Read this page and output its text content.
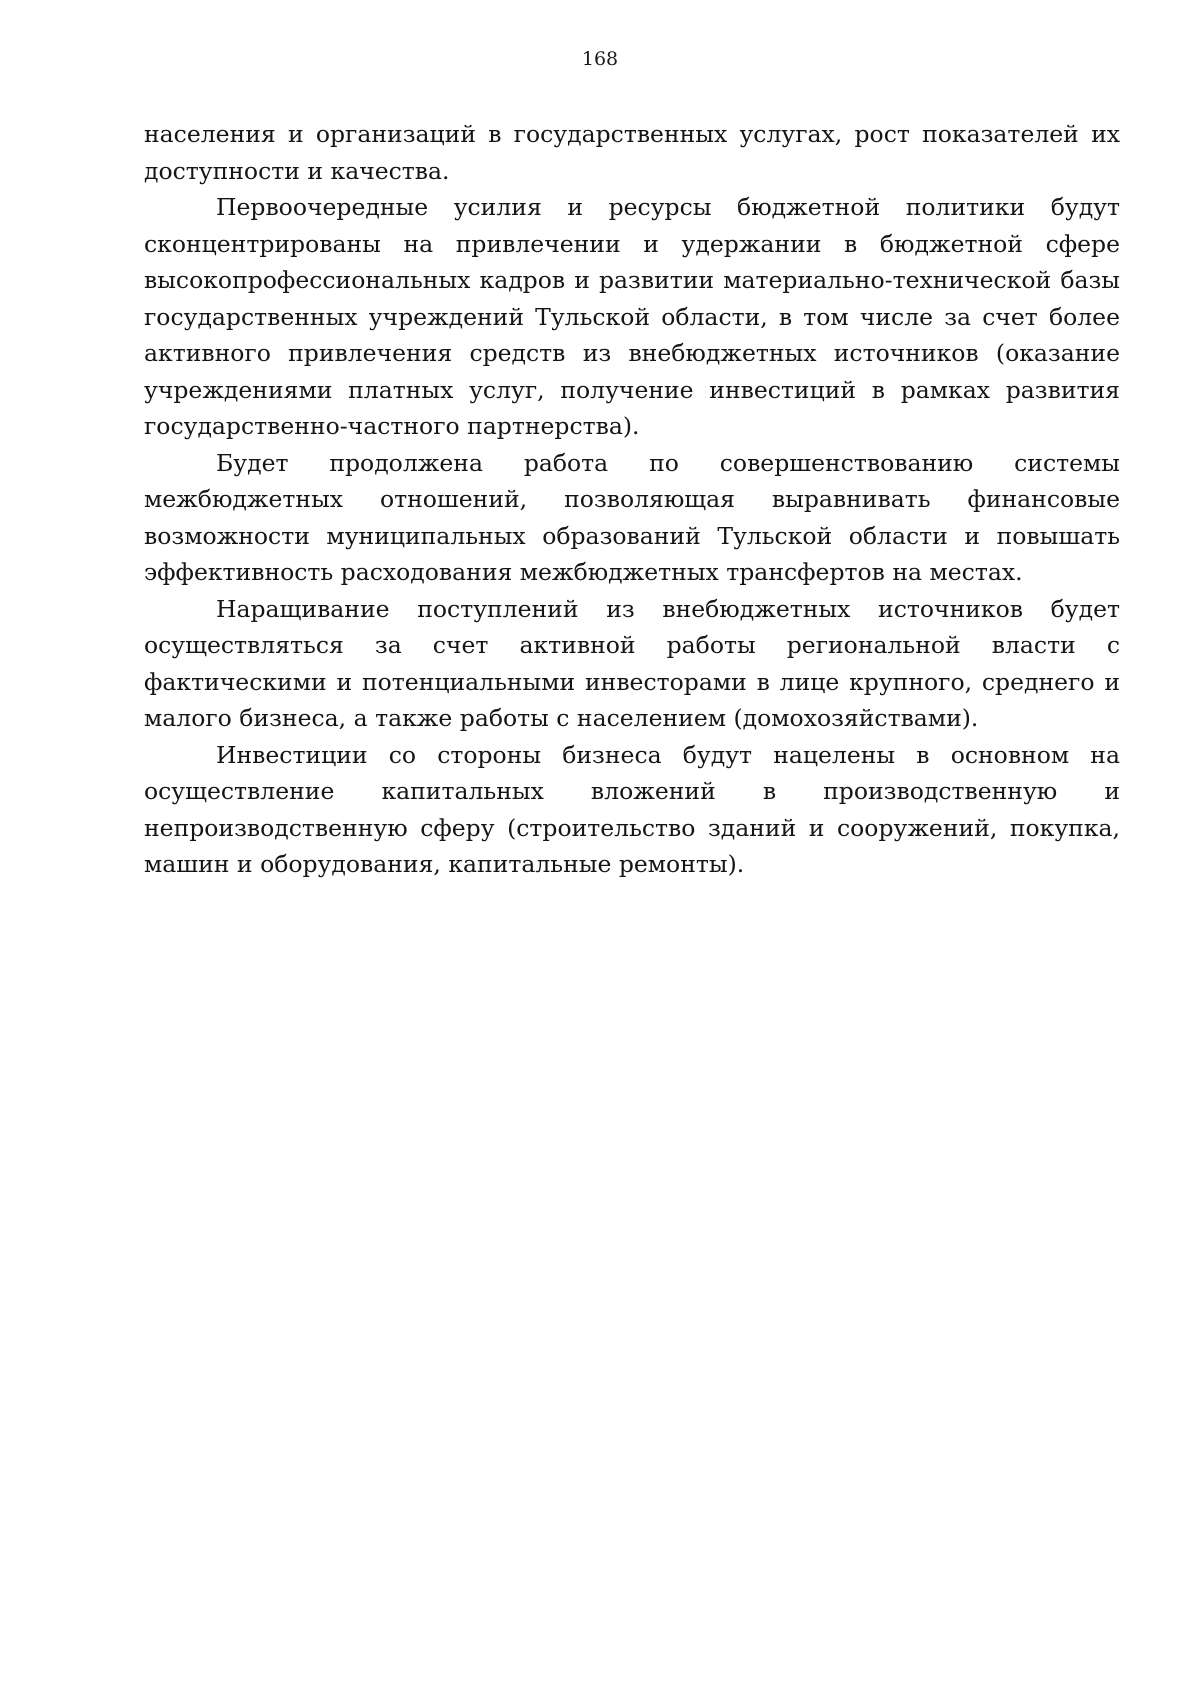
168

населения и организаций в государственных услугах, рост показателей их доступности и качества.

Первоочередные усилия и ресурсы бюджетной политики будут сконцентрированы на привлечении и удержании в бюджетной сфере высокопрофессиональных кадров и развитии материально-технической базы государственных учреждений Тульской области, в том числе за счет более активного привлечения средств из внебюджетных источников (оказание учреждениями платных услуг, получение инвестиций в рамках развития государственно-частного партнерства).

Будет продолжена работа по совершенствованию системы межбюджетных отношений, позволяющая выравнивать финансовые возможности муниципальных образований Тульской области и повышать эффективность расходования межбюджетных трансфертов на местах.

Наращивание поступлений из внебюджетных источников будет осуществляться за счет активной работы региональной власти с фактическими и потенциальными инвесторами в лице крупного, среднего и малого бизнеса, а также работы с населением (домохозяйствами).

Инвестиции со стороны бизнеса будут нацелены в основном на осуществление капитальных вложений в производственную и непроизводственную сферу (строительство зданий и сооружений, покупка, машин и оборудования, капитальные ремонты).
